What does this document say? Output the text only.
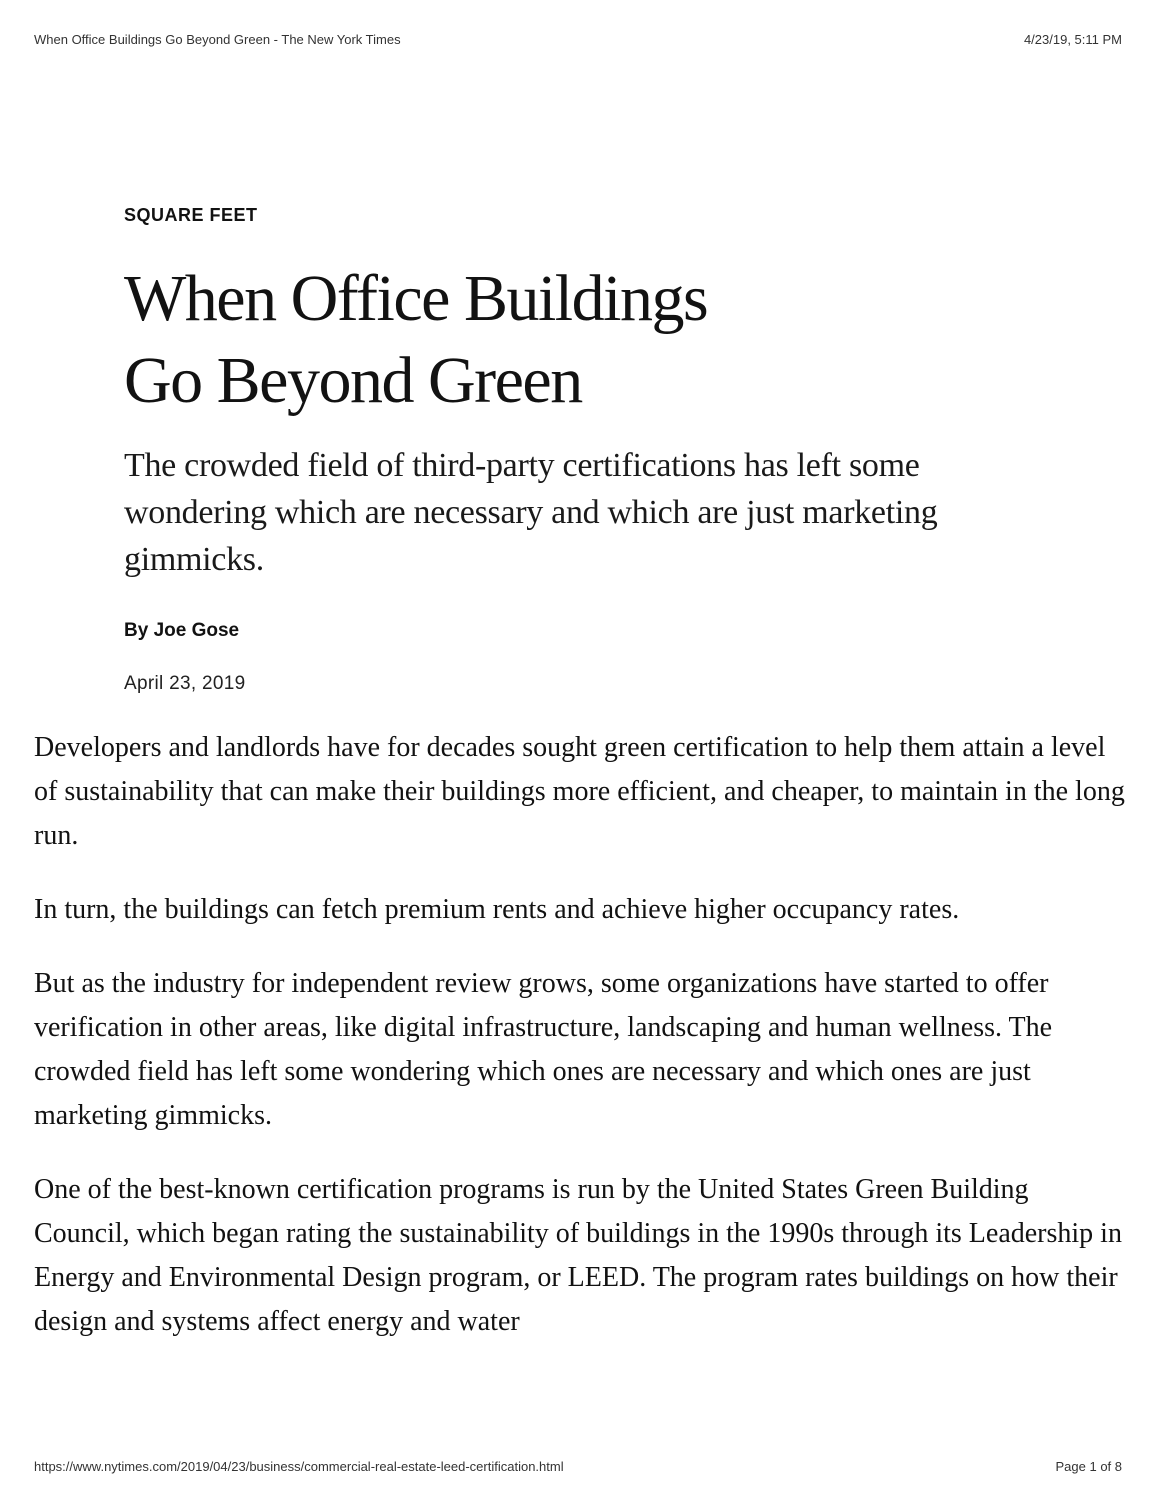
When Office Buildings Go Beyond Green - The New York Times	4/23/19, 5:11 PM
SQUARE FEET
When Office Buildings
Go Beyond Green

The crowded field of third-party certifications has left some wondering which are necessary and which are just marketing gimmicks.

By Joe Gose
April 23, 2019

Developers and landlords have for decades sought green certification to help them attain a level of sustainability that can make their buildings more efficient, and cheaper, to maintain in the long run.

In turn, the buildings can fetch premium rents and achieve higher occupancy rates.

But as the industry for independent review grows, some organizations have started to offer verification in other areas, like digital infrastructure, landscaping and human wellness. The crowded field has left some wondering which ones are necessary and which ones are just marketing gimmicks.

One of the best-known certification programs is run by the United States Green Building Council, which began rating the sustainability of buildings in the 1990s through its Leadership in Energy and Environmental Design program, or LEED. The program rates buildings on how their design and systems affect energy and water

https://www.nytimes.com/2019/04/23/business/commercial-real-estate-leed-certification.html	Page 1 of 8
